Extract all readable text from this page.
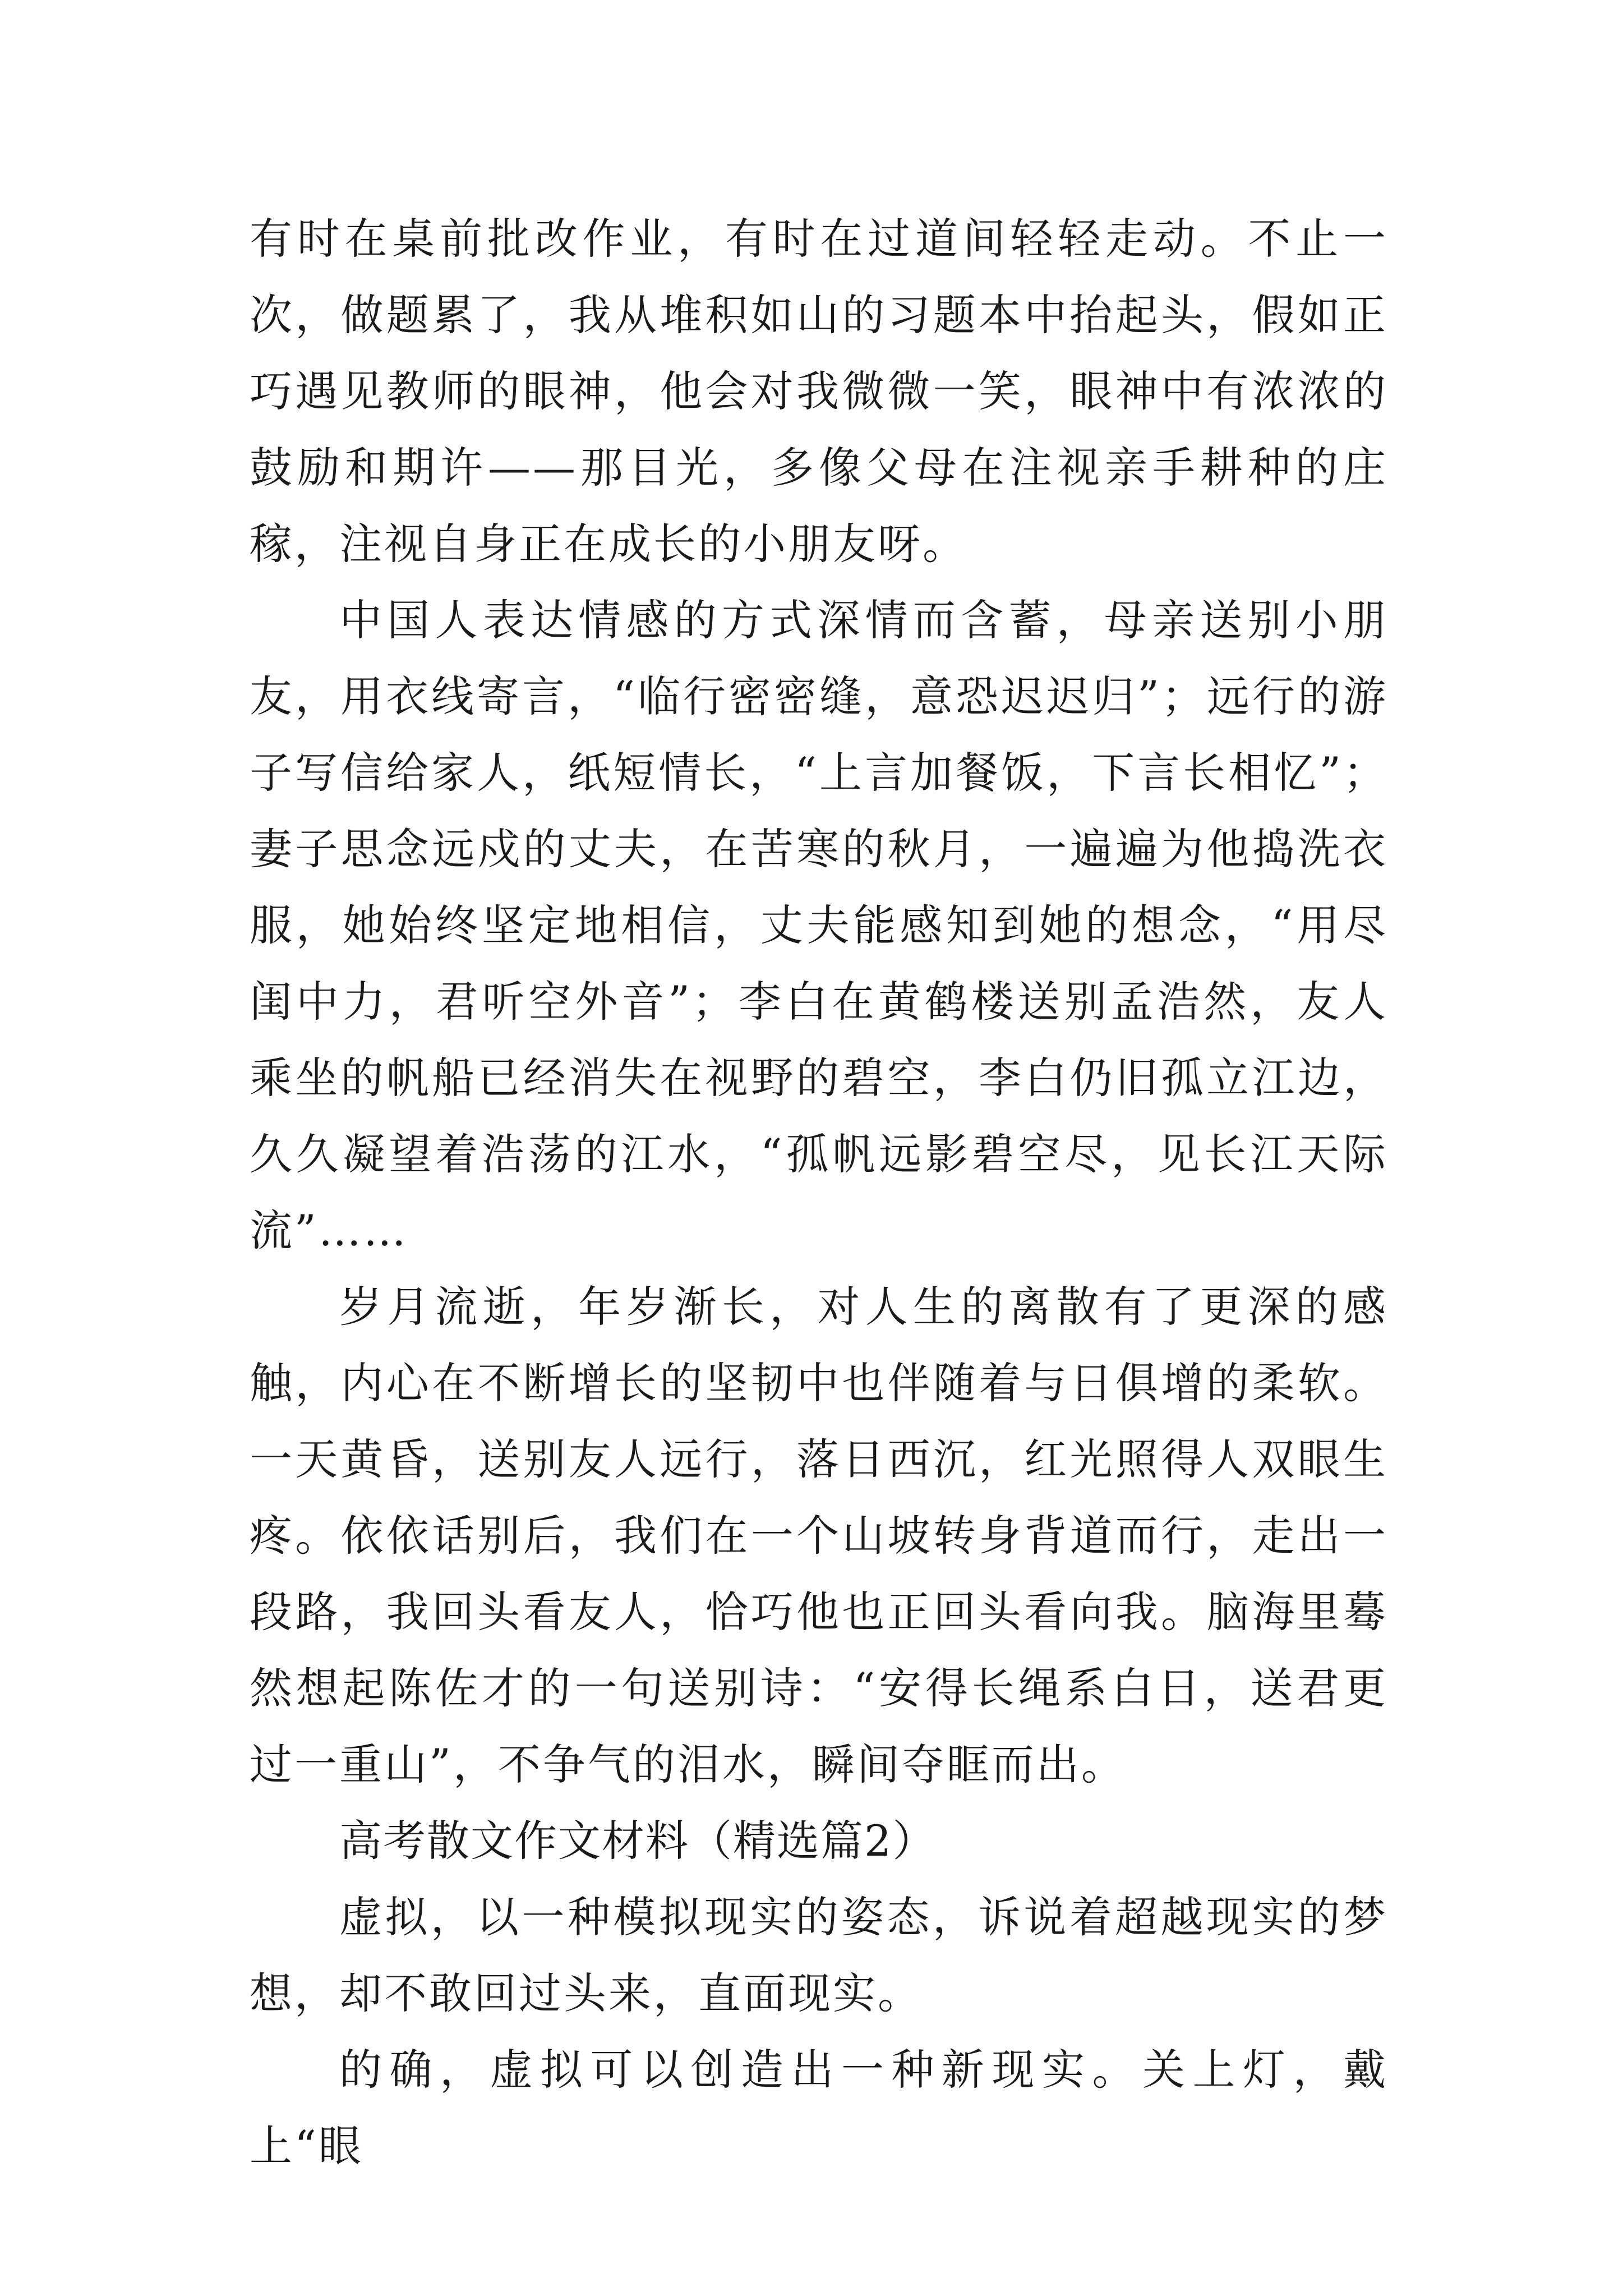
有时在桌前批改作业，有时在过道间轻轻走动。不止一次，做题累了，我从堆积如山的习题本中抬起头，假如正巧遇见教师的眼神，他会对我微微一笑，眼神中有浓浓的鼓励和期许——那目光，多像父母在注视亲手耕种的庄稼，注视自身正在成长的小朋友呀。

中国人表达情感的方式深情而含蓄，母亲送别小朋友，用衣线寄言，“临行密密缝，意恐迟迟归”；远行的游子写信给家人，纸短情长，“上言加餐饭，下言长相忆”；妻子思念远戍的丈夫，在苦寒的秋月，一遍遍为他捣洗衣服，她始终坚定地相信，丈夫能感知到她的想念，“用尽闺中力，君听空外音”；李白在黄鹤楼送别孟浩然，友人乘坐的帆船已经消失在视野的碧空，李白仍旧孤立江边，久久凝望着浩荡的江水，“孤帆远影碧空尽，见长江天际流”……

岁月流逝，年岁渐长，对人生的离散有了更深的感触，内心在不断增长的坚韧中也伴随着与日俱增的柔软。一天黄昏，送别友人远行，落日西沉，红光照得人双眼生疼。依依话别后，我们在一个山坡转身背道而行，走出一段路，我回头看友人，恰巧他也正回头看向我。脑海里蓦然想起陈佐才的一句送别诗：“安得长绳系白日，送君更过一重山”，不争气的泪水，瞬间夺眶而出。

高考散文作文材料（精选篇2）

虚拟，以一种模拟现实的姿态，诉说着超越现实的梦想，却不敢回过头来，直面现实。

的确，虚拟可以创造出一种新现实。关上灯，戴上“眼
